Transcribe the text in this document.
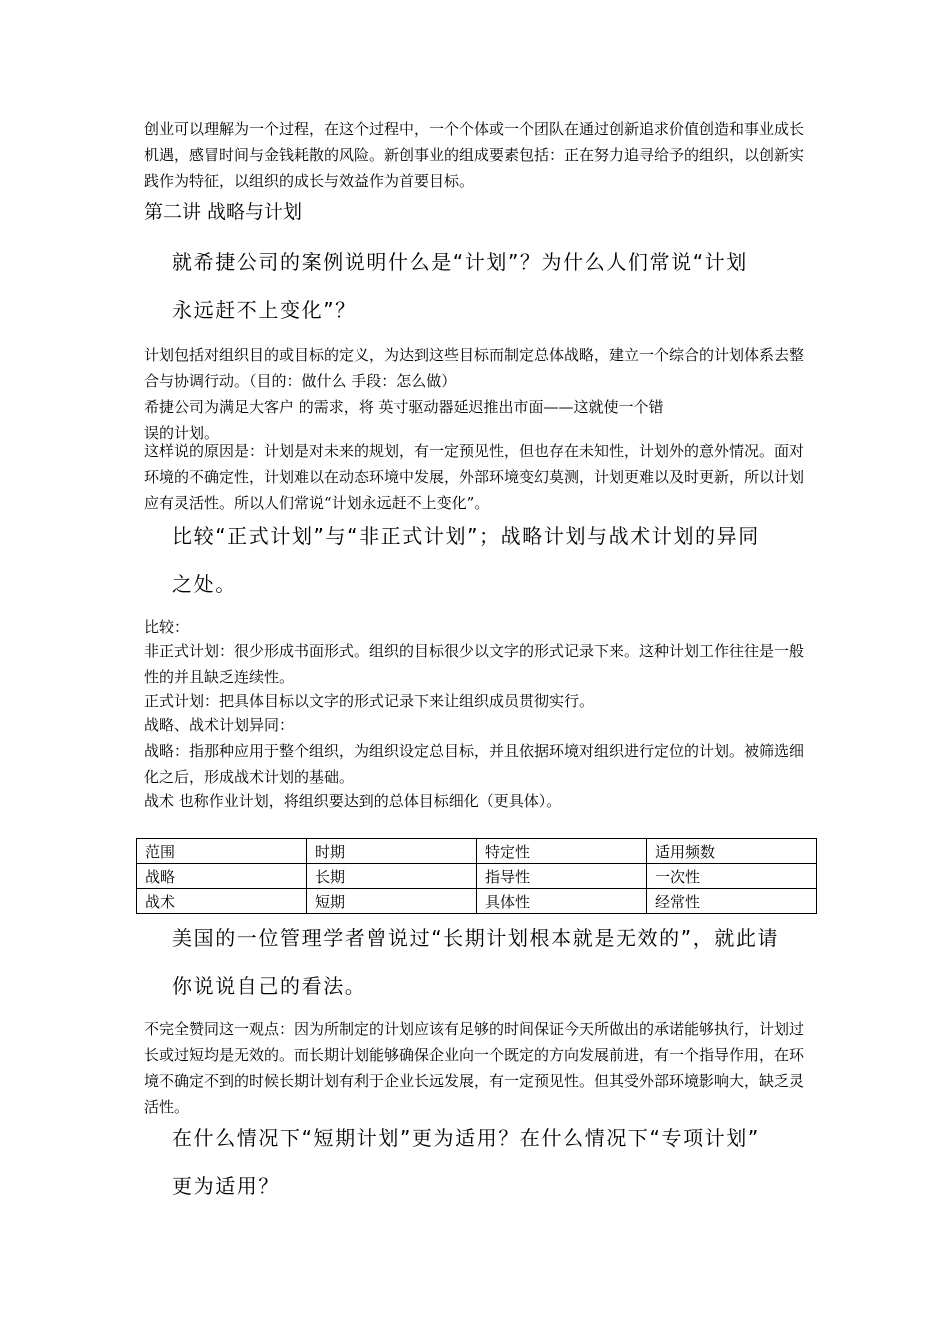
创业可以理解为一个过程，在这个过程中，一个个体或一个团队在通过创新追求价值创造和事业成长机遇，感冒时间与金钱耗散的风险。新创事业的组成要素包括：正在努力追寻给予的组织，以创新实践作为特征，以组织的成长与效益作为首要目标。

第二讲 战略与计划

就希捷公司的案例说明什么是“计划”？为什么人们常说“计划

永远赶不上变化”？

计划包括对组织目的或目标的定义，为达到这些目标而制定总体战略，建立一个综合的计划体系去整合与协调行动。（目的：做什么 手段：怎么做）

希捷公司为满足大客户 的需求，将 英寸驱动器延迟推出市面——这就使一个错

误的计划。

这样说的原因是：计划是对未来的规划，有一定预见性，但也存在未知性，计划外的意外情况。面对环境的不确定性，计划难以在动态环境中发展，外部环境变幻莫测，计划更难以及时更新，所以计划应有灵活性。所以人们常说“计划永远赶不上变化”。

比较“正式计划”与“非正式计划”；战略计划与战术计划的异同

之处。

比较：

非正式计划：很少形成书面形式。组织的目标很少以文字的形式记录下来。这种计划工作往往是一般性的并且缺乏连续性。

正式计划：把具体目标以文字的形式记录下来让组织成员贯彻实行。

战略、战术计划异同：

战略：指那种应用于整个组织，为组织设定总目标，并且依据环境对组织进行定位的计划。被筛选细化之后，形成战术计划的基础。

战术 也称作业计划，将组织要达到的总体目标细化（更具体）。

范围	时期	特定性	适用频数
战略	长期	指导性	一次性
战术	短期	具体性	经常性

美国的一位管理学者曾说过“长期计划根本就是无效的”，就此请

你说说自己的看法。

不完全赞同这一观点：因为所制定的计划应该有足够的时间保证今天所做出的承诺能够执行，计划过长或过短均是无效的。而长期计划能够确保企业向一个既定的方向发展前进，有一个指导作用，在环境不确定不到的时候长期计划有利于企业长远发展，有一定预见性。但其受外部环境影响大，缺乏灵活性。

在什么情况下“短期计划”更为适用？在什么情况下“专项计划”

更为适用？
